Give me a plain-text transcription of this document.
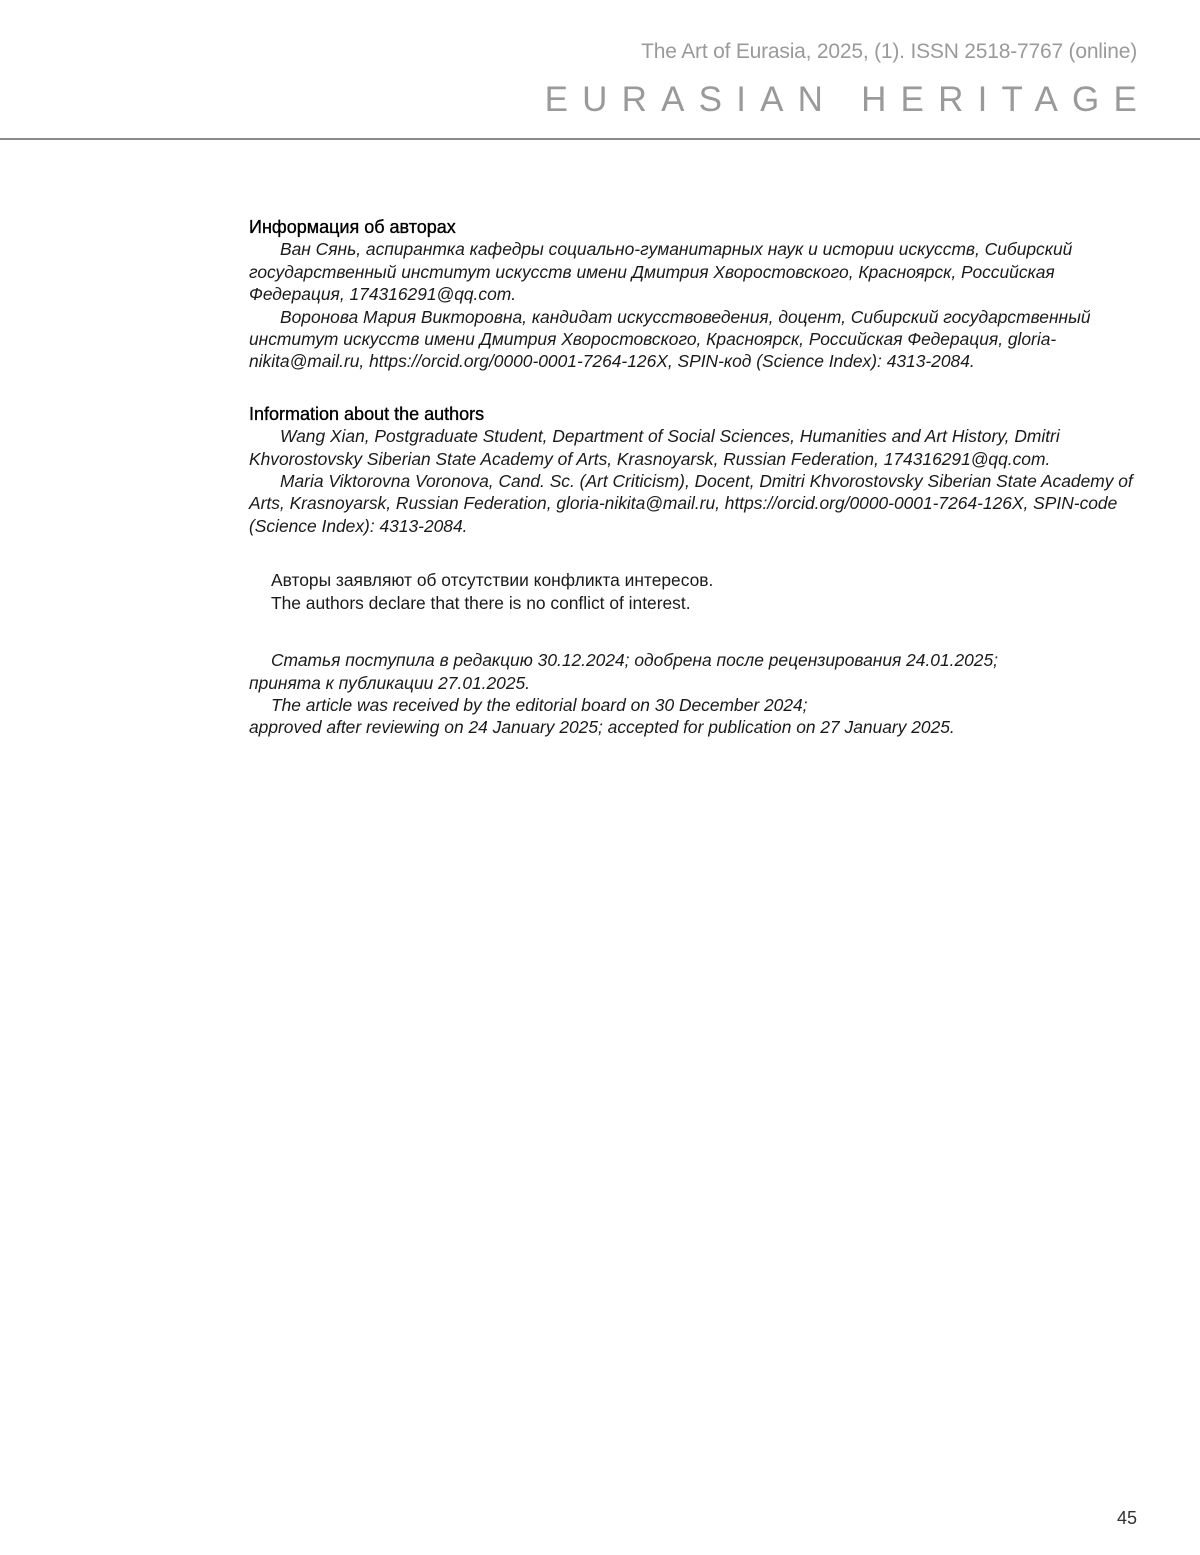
The Art of Eurasia, 2025, (1). ISSN 2518-7767 (online)
EURASIAN HERITAGE
Информация об авторах

Ван Сянь, аспирантка кафедры социально-гуманитарных наук и истории искусств, Сибирский государственный институт искусств имени Дмитрия Хворостовского, Красноярск, Российская Федерация, 174316291@qq.com.

Воронова Мария Викторовна, кандидат искусствоведения, доцент, Сибирский государственный институт искусств имени Дмитрия Хворостовского, Красноярск, Российская Федерация, gloria-nikita@mail.ru, https://orcid.org/0000-0001-7264-126X, SPIN-код (Science Index): 4313-2084.

Information about the authors

Wang Xian, Postgraduate Student, Department of Social Sciences, Humanities and Art History, Dmitri Khvorostovsky Siberian State Academy of Arts, Krasnoyarsk, Russian Federation, 174316291@qq.com.

Maria Viktorovna Voronova, Cand. Sc. (Art Criticism), Docent, Dmitri Khvorostovsky Siberian State Academy of Arts, Krasnoyarsk, Russian Federation, gloria-nikita@mail.ru, https://orcid.org/0000-0001-7264-126X, SPIN-code (Science Index): 4313-2084.

Авторы заявляют об отсутствии конфликта интересов.

The authors declare that there is no conflict of interest.

Статья поступила в редакцию 30.12.2024; одобрена после рецензирования 24.01.2025;
принята к публикации 27.01.2025.

The article was received by the editorial board on 30 December 2024;
approved after reviewing on 24 January 2025; accepted for publication on 27 January 2025.

45
